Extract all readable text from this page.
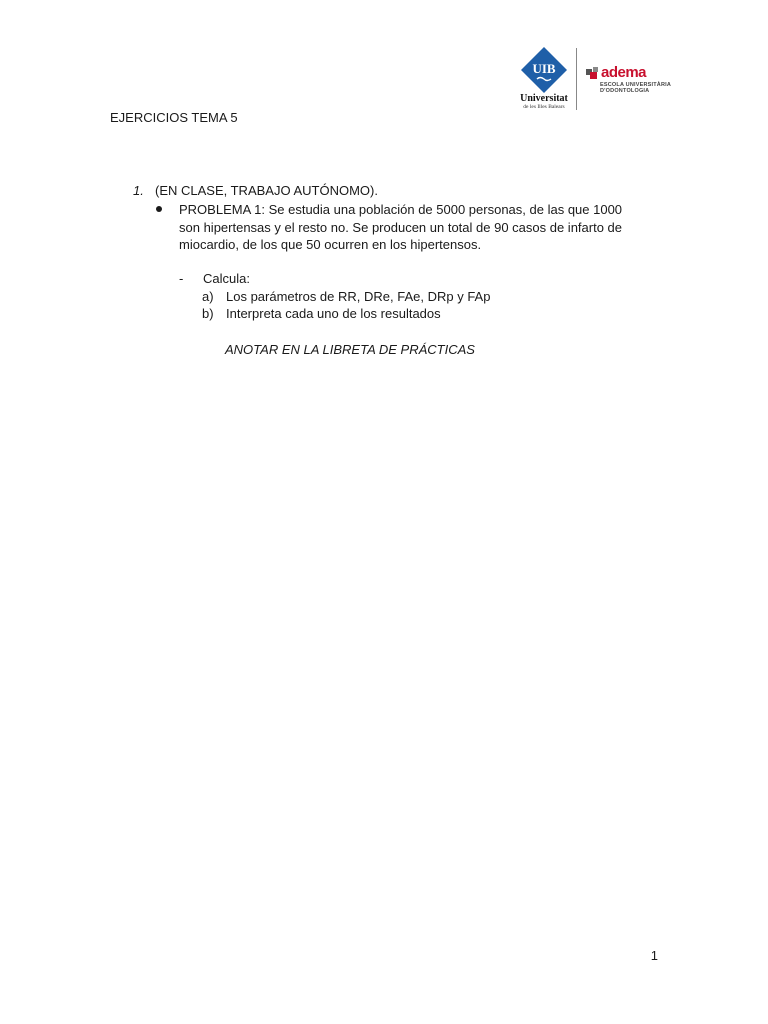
UIB
Universitat
de les Illes Balears
adema
ESCOLA UNIVERSITÀRIA
D'ODONTOLOGIA
EJERCICIOS TEMA 5
1. (EN CLASE, TRABAJO AUTÓNOMO).
PROBLEMA 1: Se estudia una población de 5000 personas, de las que 1000 son hipertensas y el resto no. Se producen un total de 90 casos de infarto de miocardio, de los que 50 ocurren en los hipertensos.
- Calcula:
a) Los parámetros de RR, DRe, FAe, DRp y FAp
b) Interpreta cada uno de los resultados
ANOTAR EN LA LIBRETA DE PRÁCTICAS
1
